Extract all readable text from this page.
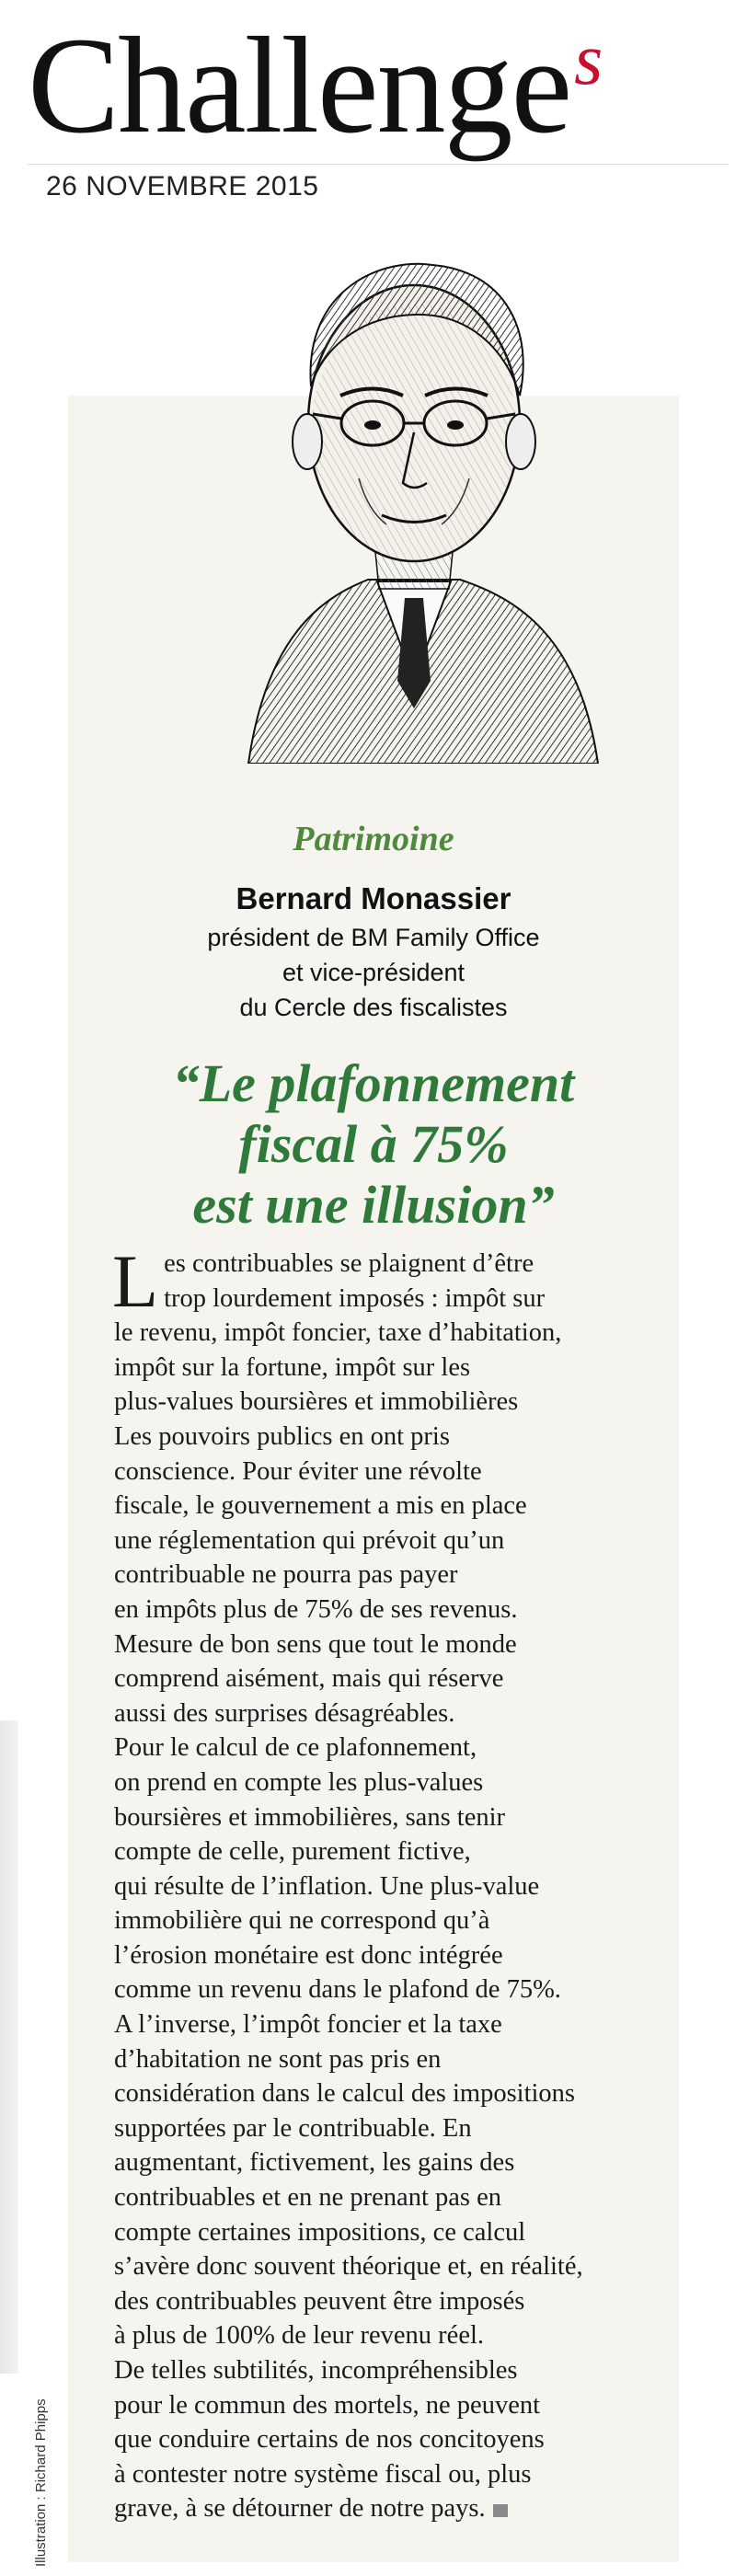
Challenge$^s$
26 NOVEMBRE 2015
Patrimoine
Bernard Monassier
président de BM Family Office
et vice-président
du Cercle des fiscalistes
“Le plafonnement
fiscal à 75%
est une illusion”
L es contribuables se plaignent d’être
trop lourdement imposés : impôt sur
le revenu, impôt foncier, taxe d’habitation,
impôt sur la fortune, impôt sur les
plus-values boursières et immobilières
Les pouvoirs publics en ont pris
conscience. Pour éviter une révolte
fiscale, le gouvernement a mis en place
une réglementation qui prévoit qu’un
contribuable ne pourra pas payer
en impôts plus de 75% de ses revenus.
Mesure de bon sens que tout le monde
comprend aisément, mais qui réserve
aussi des surprises désagréables.
Pour le calcul de ce plafonnement,
on prend en compte les plus-values
boursières et immobilières, sans tenir
compte de celle, purement fictive,
qui résulte de l’inflation. Une plus-value
immobilière qui ne correspond qu’à
l’érosion monétaire est donc intégrée
comme un revenu dans le plafond de 75%.
A l’inverse, l’impôt foncier et la taxe
d’habitation ne sont pas pris en
considération dans le calcul des impositions
supportées par le contribuable. En
augmentant, fictivement, les gains des
contribuables et en ne prenant pas en
compte certaines impositions, ce calcul
s’avère donc souvent théorique et, en réalité,
des contribuables peuvent être imposés
à plus de 100% de leur revenu réel.
De telles subtilités, incompréhensibles
pour le commun des mortels, ne peuvent
que conduire certains de nos concitoyens
à contester notre système fiscal ou, plus
grave, à se détourner de notre pays.
Illustration : Richard Phipps
